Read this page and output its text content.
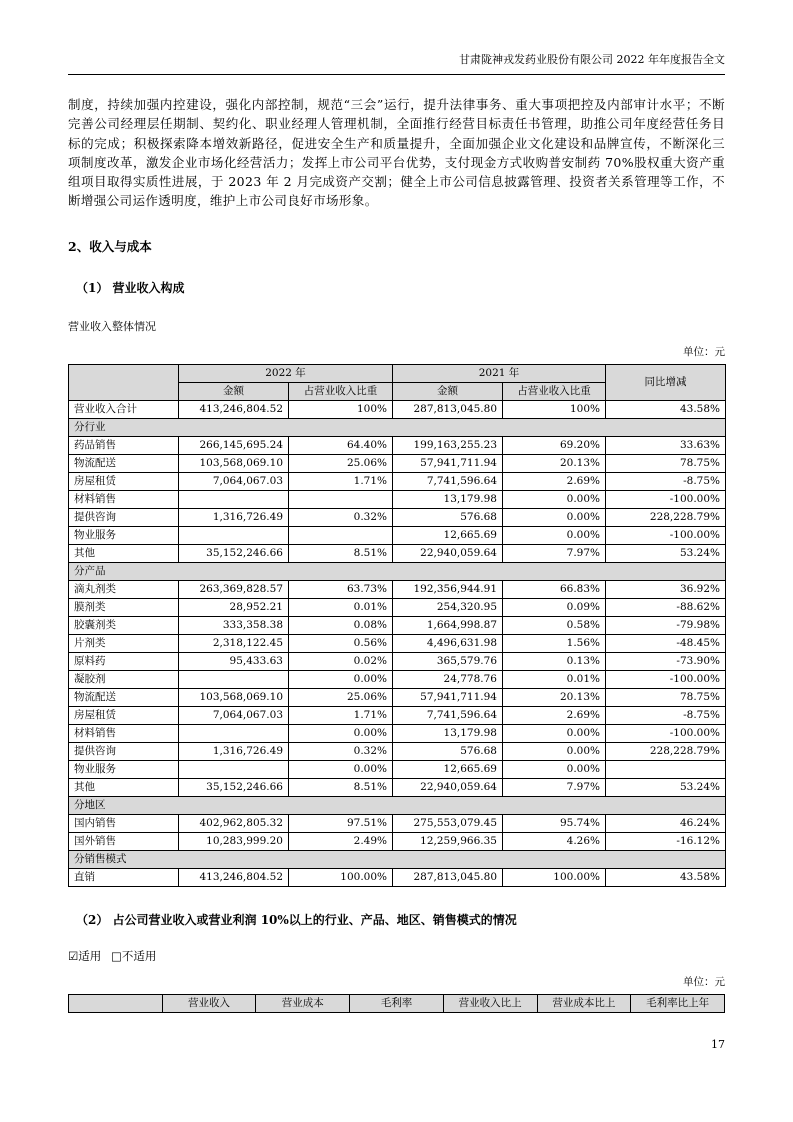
甘肃陇神戎发药业股份有限公司 2022 年年度报告全文

制度，持续加强内控建设，强化内部控制，规范“三会”运行，提升法律事务、重大事项把控及内部审计水平；不断完善公司经理层任期制、契约化、职业经理人管理机制，全面推行经营目标责任书管理，助推公司年度经营任务目标的完成；积极探索降本增效新路径，促进安全生产和质量提升，全面加强企业文化建设和品牌宣传，不断深化三项制度改革，激发企业市场化经营活力；发挥上市公司平台优势，支付现金方式收购普安制药 70%股权重大资产重组项目取得实质性进展，于 2023 年 2 月完成资产交割；健全上市公司信息披露管理、投资者关系管理等工作，不断增强公司运作透明度，维护上市公司良好市场形象。

2、收入与成本
（1） 营业收入构成
营业收入整体情况
单位：元
	2022 年		2021 年		同比增减
	金额	占营业收入比重	金额	占营业收入比重	
营业收入合计	413,246,804.52	100%	287,813,045.80	100%	43.58%
分行业					
药品销售	266,145,695.24	64.40%	199,163,255.23	69.20%	33.63%
物流配送	103,568,069.10	25.06%	57,941,711.94	20.13%	78.75%
房屋租赁	7,064,067.03	1.71%	7,741,596.64	2.69%	-8.75%
材料销售			13,179.98	0.00%	-100.00%
提供咨询	1,316,726.49	0.32%	576.68	0.00%	228,228.79%
物业服务			12,665.69	0.00%	-100.00%
其他	35,152,246.66	8.51%	22,940,059.64	7.97%	53.24%
分产品					
滴丸剂类	263,369,828.57	63.73%	192,356,944.91	66.83%	36.92%
膜剂类	28,952.21	0.01%	254,320.95	0.09%	-88.62%
胶囊剂类	333,358.38	0.08%	1,664,998.87	0.58%	-79.98%
片剂类	2,318,122.45	0.56%	4,496,631.98	1.56%	-48.45%
原料药	95,433.63	0.02%	365,579.76	0.13%	-73.90%
凝胶剂		0.00%	24,778.76	0.01%	-100.00%
物流配送	103,568,069.10	25.06%	57,941,711.94	20.13%	78.75%
房屋租赁	7,064,067.03	1.71%	7,741,596.64	2.69%	-8.75%
材料销售		0.00%	13,179.98	0.00%	-100.00%
提供咨询	1,316,726.49	0.32%	576.68	0.00%	228,228.79%
物业服务		0.00%	12,665.69	0.00%	
其他	35,152,246.66	8.51%	22,940,059.64	7.97%	53.24%
分地区					
国内销售	402,962,805.32	97.51%	275,553,079.45	95.74%	46.24%
国外销售	10,283,999.20	2.49%	12,259,966.35	4.26%	-16.12%
分销售模式					
直销	413,246,804.52	100.00%	287,813,045.80	100.00%	43.58%
（2） 占公司营业收入或营业利润 10%以上的行业、产品、地区、销售模式的情况
☑适用 □不适用
单位：元
	营业收入	营业成本	毛利率	营业收入比上	营业成本比上	毛利率比上年
17
